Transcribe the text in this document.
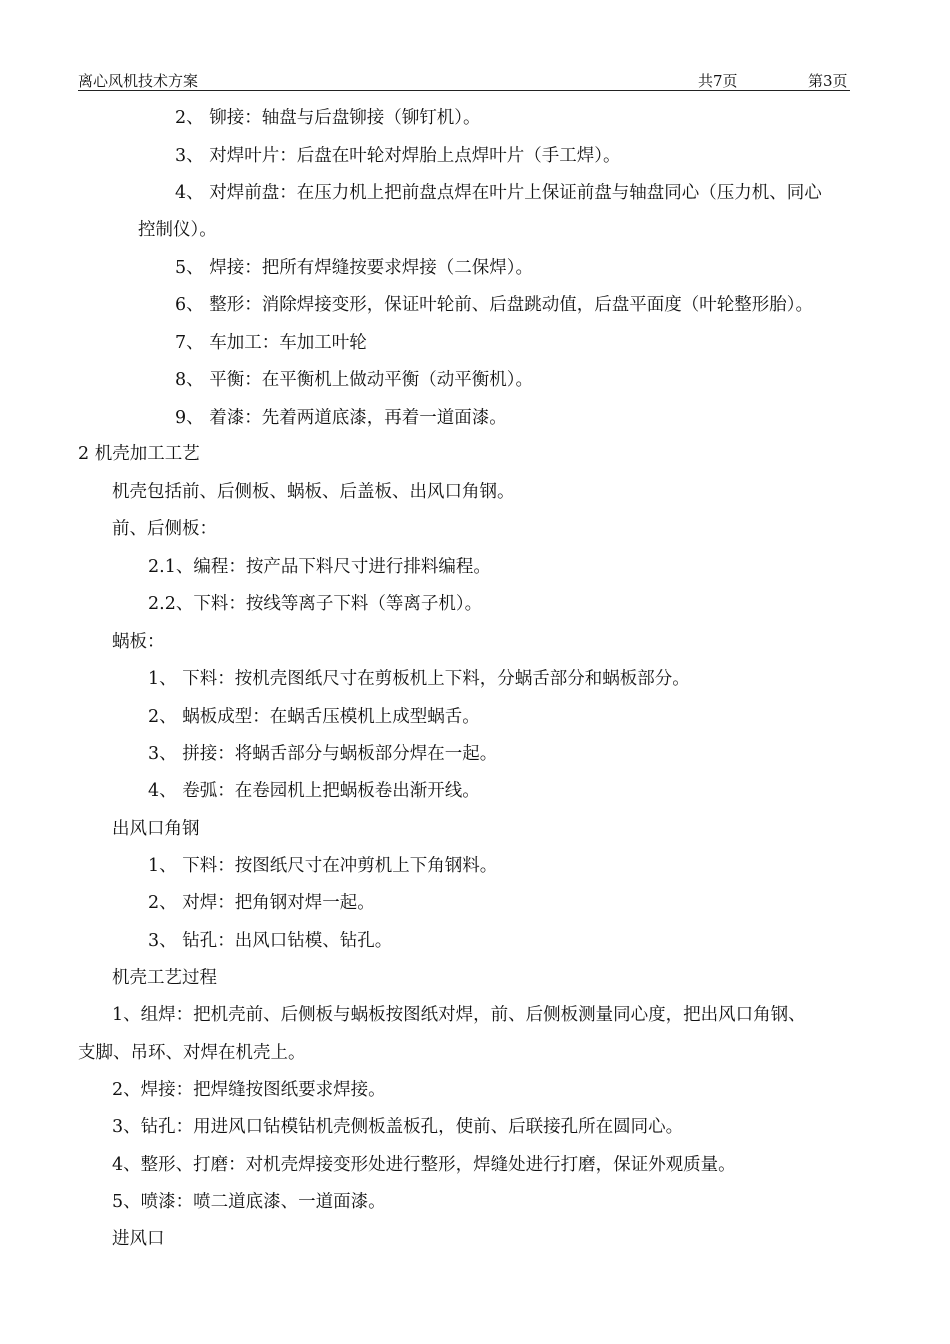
离心风机技术方案	共7页	第3页
2、 铆接：轴盘与后盘铆接（铆钉机）。
3、 对焊叶片：后盘在叶轮对焊胎上点焊叶片（手工焊）。
4、 对焊前盘：在压力机上把前盘点焊在叶片上保证前盘与轴盘同心（压力机、同心
控制仪）。
5、 焊接：把所有焊缝按要求焊接（二保焊）。
6、 整形：消除焊接变形，保证叶轮前、后盘跳动值，后盘平面度（叶轮整形胎）。
7、 车加工：车加工叶轮
8、 平衡：在平衡机上做动平衡（动平衡机）。
9、 着漆：先着两道底漆，再着一道面漆。
2 机壳加工工艺
机壳包括前、后侧板、蜗板、后盖板、出风口角钢。
前、后侧板：
2.1、编程：按产品下料尺寸进行排料编程。
2.2、下料：按线等离子下料（等离子机）。
蜗板：
1、 下料：按机壳图纸尺寸在剪板机上下料，分蜗舌部分和蜗板部分。
2、 蜗板成型：在蜗舌压模机上成型蜗舌。
3、 拼接：将蜗舌部分与蜗板部分焊在一起。
4、 卷弧：在卷园机上把蜗板卷出渐开线。
出风口角钢
1、 下料：按图纸尺寸在冲剪机上下角钢料。
2、 对焊：把角钢对焊一起。
3、 钻孔：出风口钻模、钻孔。
机壳工艺过程
1、组焊：把机壳前、后侧板与蜗板按图纸对焊，前、后侧板测量同心度，把出风口角钢、
支脚、吊环、对焊在机壳上。
2、焊接：把焊缝按图纸要求焊接。
3、钻孔：用进风口钻模钻机壳侧板盖板孔，使前、后联接孔所在圆同心。
4、整形、打磨：对机壳焊接变形处进行整形，焊缝处进行打磨，保证外观质量。
5、喷漆：喷二道底漆、一道面漆。
进风口
